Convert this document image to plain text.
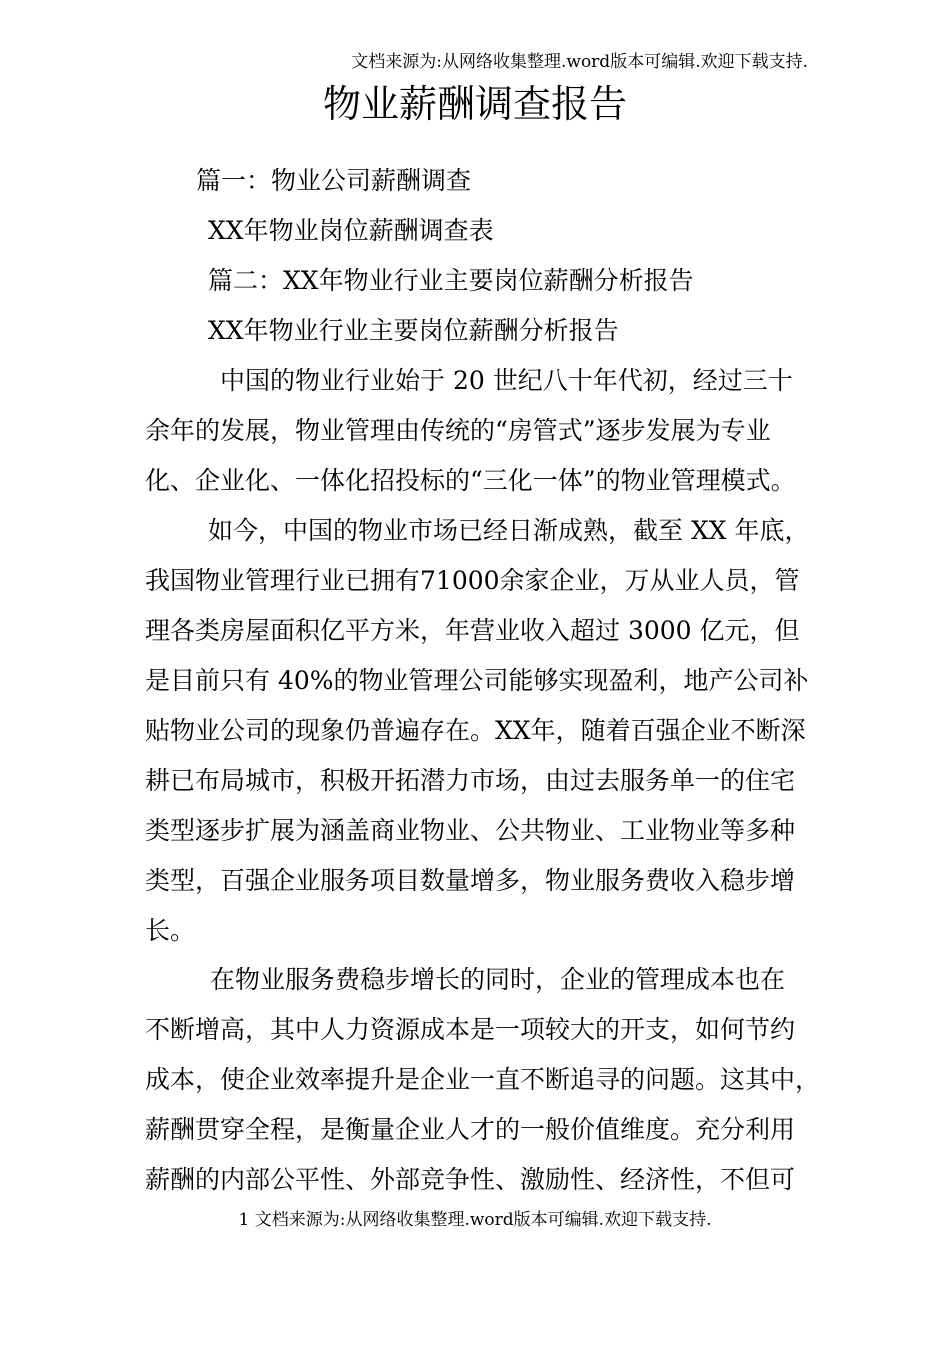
文档来源为:从网络收集整理.word版本可编辑.欢迎下载支持.
物业薪酬调查报告
篇一：物业公司薪酬调查
XX年物业岗位薪酬调查表
篇二：XX年物业行业主要岗位薪酬分析报告
XX年物业行业主要岗位薪酬分析报告
中国的物业行业始于 20 世纪八十年代初，经过三十
余年的发展，物业管理由传统的“房管式”逐步发展为专业
化、企业化、一体化招投标的“三化一体”的物业管理模式。
如今，中国的物业市场已经日渐成熟，截至 XX 年底，
我国物业管理行业已拥有71000余家企业，万从业人员，管
理各类房屋面积亿平方米，年营业收入超过 3000 亿元，但
是目前只有 40%的物业管理公司能够实现盈利，地产公司补
贴物业公司的现象仍普遍存在。XX年，随着百强企业不断深
耕已布局城市，积极开拓潜力市场，由过去服务单一的住宅
类型逐步扩展为涵盖商业物业、公共物业、工业物业等多种
类型，百强企业服务项目数量增多，物业服务费收入稳步增
长。
在物业服务费稳步增长的同时，企业的管理成本也在
不断增高，其中人力资源成本是一项较大的开支，如何节约
成本，使企业效率提升是企业一直不断追寻的问题。这其中，
薪酬贯穿全程，是衡量企业人才的一般价值维度。充分利用
薪酬的内部公平性、外部竞争性、激励性、经济性，不但可
1 文档来源为:从网络收集整理.word版本可编辑.欢迎下载支持.
